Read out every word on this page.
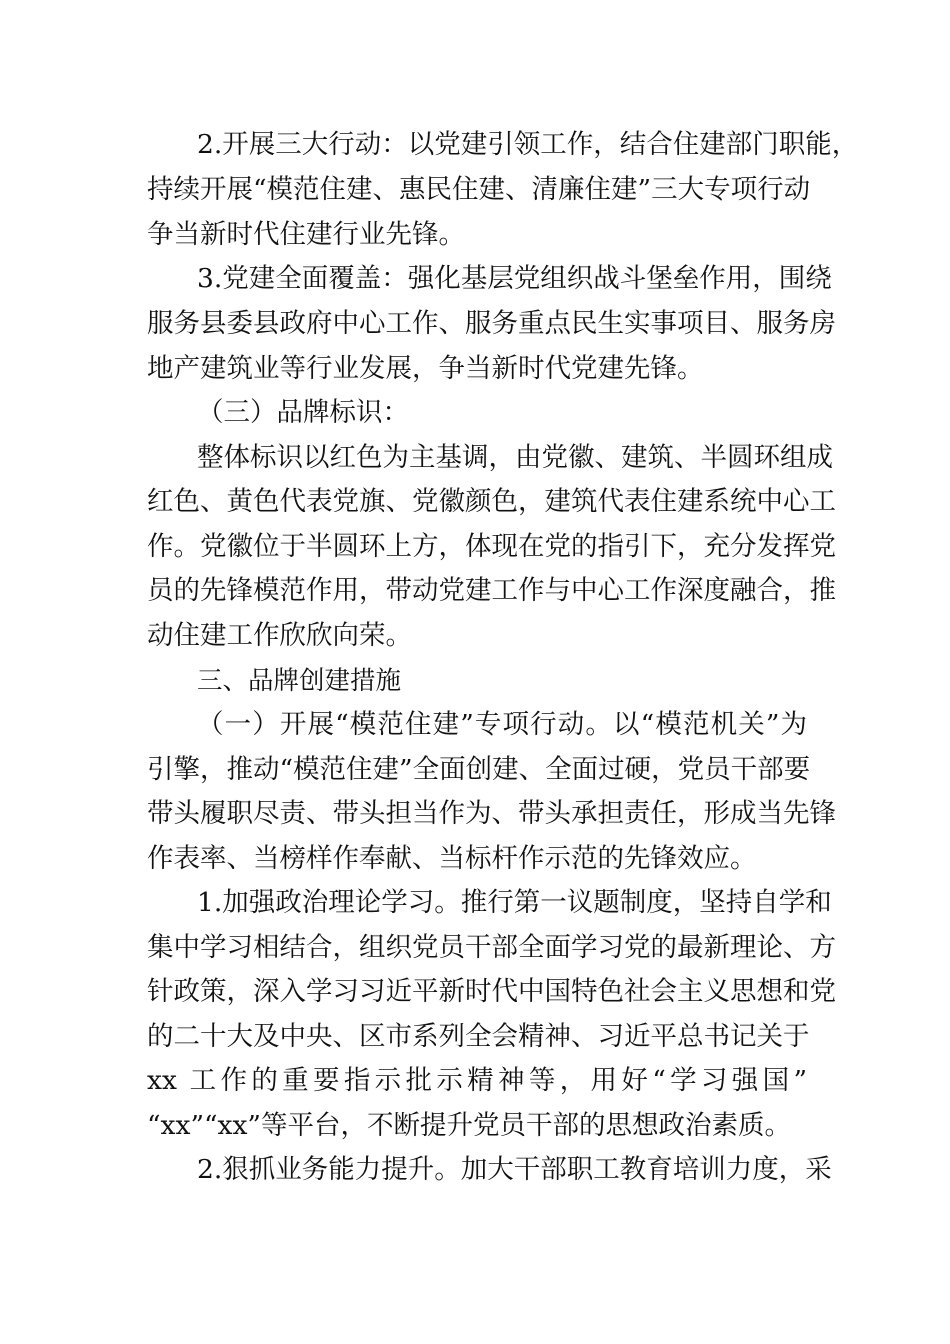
2.开展三大行动：以党建引领工作，结合住建部门职能，
持续开展“模范住建、惠民住建、清廉住建”三大专项行动
争当新时代住建行业先锋。
3.党建全面覆盖：强化基层党组织战斗堡垒作用，围绕
服务县委县政府中心工作、服务重点民生实事项目、服务房
地产建筑业等行业发展，争当新时代党建先锋。
（三）品牌标识：
整体标识以红色为主基调，由党徽、建筑、半圆环组成
红色、黄色代表党旗、党徽颜色，建筑代表住建系统中心工
作。党徽位于半圆环上方，体现在党的指引下，充分发挥党
员的先锋模范作用，带动党建工作与中心工作深度融合，推
动住建工作欣欣向荣。
三、品牌创建措施
（一）开展“模范住建”专项行动。以“模范机关”为
引擎，推动“模范住建”全面创建、全面过硬，党员干部要
带头履职尽责、带头担当作为、带头承担责任，形成当先锋
作表率、当榜样作奉献、当标杆作示范的先锋效应。
1.加强政治理论学习。推行第一议题制度，坚持自学和
集中学习相结合，组织党员干部全面学习党的最新理论、方
针政策，深入学习习近平新时代中国特色社会主义思想和党
的二十大及中央、区市系列全会精神、习近平总书记关于
xx 工作的重要指示批示精神等，用好“学习强国”
“xx”“xx”等平台，不断提升党员干部的思想政治素质。
2.狠抓业务能力提升。加大干部职工教育培训力度，采
